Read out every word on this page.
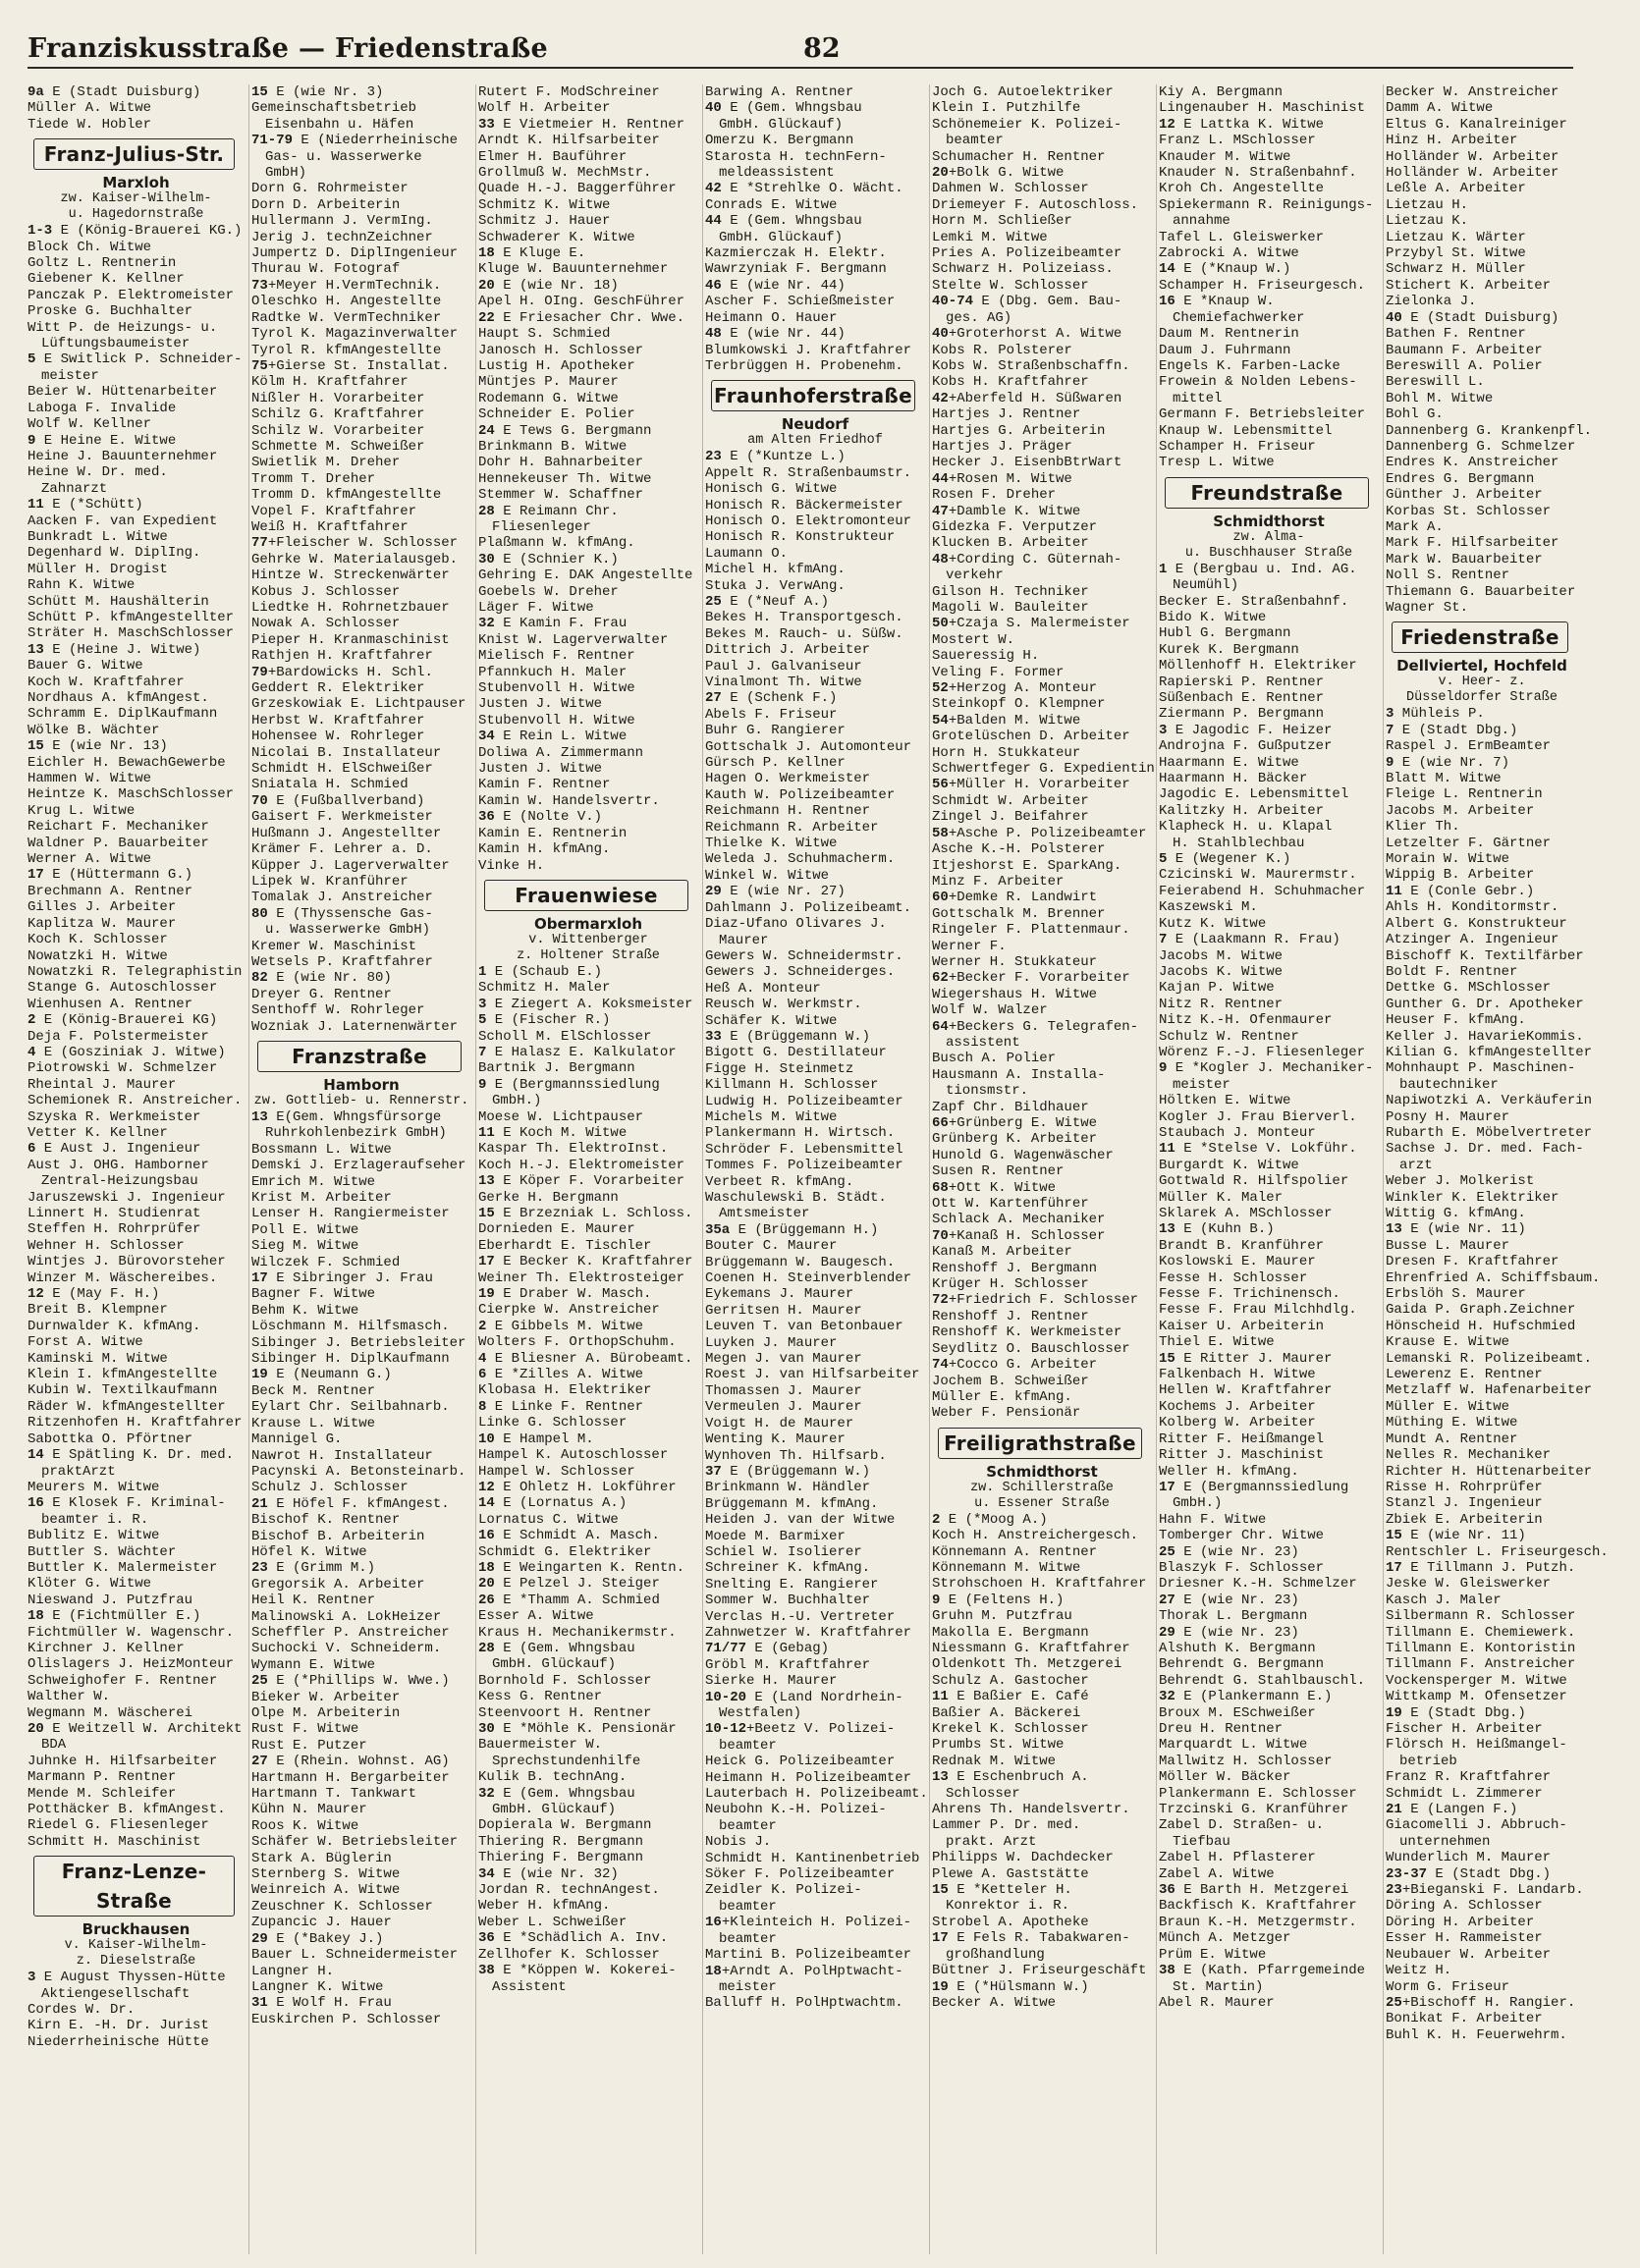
Franziskusstraße — Friedenstraße	82
9a E (Stadt Duisburg)
Müller A. Witwe
Tiede W. Hobler
Franz-Julius-Str.
Marxloh
zw. Kaiser-Wilhelm-
u. Hagedornstraße
1-3 E (König-Brauerei KG.)
Block Ch. Witwe
Goltz L. Rentnerin
Giebener K. Kellner
Panczak P. Elektromeister
Proske G. Buchhalter
Witt P. de Heizungs- u.
Lüftungsbaumeister
5 E Switlick P. Schneider-
meister
Beier W. Hüttenarbeiter
Laboga F. Invalide
Wolf W. Kellner
9 E Heine E. Witwe
Heine J. Bauunternehmer
Heine W. Dr. med.
Zahnarzt
11 E (*Schütt)
Aacken F. van Expedient
Bunkradt L. Witwe
Degenhard W. DiplIng.
Müller H. Drogist
Rahn K. Witwe
Schütt M. Haushälterin
Schütt P. kfmAngestellter
Sträter H. MaschSchlosser
13 E (Heine J. Witwe)
Bauer G. Witwe
Koch W. Kraftfahrer
Nordhaus A. kfmAngest.
Schramm E. DiplKaufmann
Wölke B. Wächter
15 E (wie Nr. 13)
Eichler H. BewachGewerbe
Hammen W. Witwe
Heintze K. MaschSchlosser
Krug L. Witwe
Reichart F. Mechaniker
Waldner P. Bauarbeiter
Werner A. Witwe
17 E (Hüttermann G.)
Brechmann A. Rentner
Gilles J. Arbeiter
Kaplitza W. Maurer
Koch K. Schlosser
Nowatzki H. Witwe
Nowatzki R. Telegraphistin
Stange G. Autoschlosser
Wienhusen A. Rentner
2 E (König-Brauerei KG)
Deja F. Polstermeister
4 E (Gosziniak J. Witwe)
Piotrowski W. Schmelzer
Rheintal J. Maurer
Schemionek R. Anstreicher.
Szyska R. Werkmeister
Vetter K. Kellner
6 E Aust J. Ingenieur
Aust J. OHG. Hamborner
Zentral-Heizungsbau
Jaruszewski J. Ingenieur
Linnert H. Studienrat
Steffen H. Rohrprüfer
Wehner H. Schlosser
Wintjes J. Bürovorsteher
Winzer M. Wäschereibes.
12 E (May F. H.)
Breit B. Klempner
Durnwalder K. kfmAng.
Forst A. Witwe
Kaminski M. Witwe
Klein I. kfmAngestellte
Kubin W. Textilkaufmann
Räder W. kfmAngestellter
Ritzenhofen H. Kraftfahrer
Sabottka O. Pförtner
14 E Spätling K. Dr. med.
praktArzt
Meurers M. Witwe
16 E Klosek F. Kriminal-
beamter i. R.
Bublitz E. Witwe
Buttler S. Wächter
Buttler K. Malermeister
Klöter G. Witwe
Nieswand J. Putzfrau
18 E (Fichtmüller E.)
Fichtmüller W. Wagenschr.
Kirchner J. Kellner
Olislagers J. HeizMonteur
Schweighofer F. Rentner
Walther W.
Wegmann M. Wäscherei
20 E Weitzell W. Architekt
BDA
Juhnke H. Hilfsarbeiter
Marmann P. Rentner
Mende M. Schleifer
Potthäcker B. kfmAngest.
Riedel G. Fliesenleger
Schmitt H. Maschinist
Franz-Lenze-Straße
Bruckhausen
v. Kaiser-Wilhelm-
z. Dieselstraße
3 E August Thyssen-Hütte
Aktiengesellschaft
Cordes W. Dr.
Kirn E. -H. Dr. Jurist
Niederrheinische Hütte
15 E (wie Nr. 3)
Gemeinschaftsbetrieb
Eisenbahn u. Häfen
71-79 E (Niederrheinische
Gas- u. Wasserwerke
GmbH)
Dorn G. Rohrmeister
Dorn D. Arbeiterin
Hullermann J. VermIng.
Jerig J. technZeichner
Jumpertz D. DiplIngenieur
Thurau W. Fotograf
73+Meyer H.VermTechnik.
Oleschko H. Angestellte
Radtke W. VermTechniker
Tyrol K. Magazinverwalter
Tyrol R. kfmAngestellte
75+Gierse St. Installat.
Kölm H. Kraftfahrer
Nißler H. Vorarbeiter
Schilz G. Kraftfahrer
Schilz W. Vorarbeiter
Schmette M. Schweißer
Swietlik M. Dreher
Tromm T. Dreher
Tromm D. kfmAngestellte
Vopel F. Kraftfahrer
Weiß H. Kraftfahrer
77+Fleischer W. Schlosser
Gehrke W. Materialausgeb.
Hintze W. Streckenwärter
Kobus J. Schlosser
Liedtke H. Rohrnetzbauer
Nowak A. Schlosser
Pieper H. Kranmaschinist
Rathjen H. Kraftfahrer
79+Bardowicks H. Schl.
Geddert R. Elektriker
Grzeskowiak E. Lichtpauser
Herbst W. Kraftfahrer
Hohensee W. Rohrleger
Nicolai B. Installateur
Schmidt H. ElSchweißer
Sniatala H. Schmied
70 E (Fußballverband)
Gaisert F. Werkmeister
Hußmann J. Angestellter
Krämer F. Lehrer a. D.
Küpper J. Lagerverwalter
Lipek W. Kranführer
Tomalak J. Anstreicher
80 E (Thyssensche Gas-
u. Wasserwerke GmbH)
Kremer W. Maschinist
Wetsels P. Kraftfahrer
82 E (wie Nr. 80)
Dreyer G. Rentner
Senthoff W. Rohrleger
Wozniak J. Laternenwärter
Franzstraße
Hamborn
zw. Gottlieb- u. Rennerstr.
13 E(Gem. Whngsfürsorge
Ruhrkohlenbezirk GmbH)
Bossmann L. Witwe
Demski J. Erzlageraufseher
Emrich M. Witwe
Krist M. Arbeiter
Lenser H. Rangiermeister
Poll E. Witwe
Sieg M. Witwe
Wilczek F. Schmied
17 E Sibringer J. Frau
Bagner F. Witwe
Behm K. Witwe
Löschmann M. Hilfsmasch.
Sibinger J. Betriebsleiter
Sibinger H. DiplKaufmann
19 E (Neumann G.)
Beck M. Rentner
Eylart Chr. Seilbahnarb.
Krause L. Witwe
Mannigel G.
Nawrot H. Installateur
Pacynski A. Betonsteinarb.
Schulz J. Schlosser
21 E Höfel F. kfmAngest.
Bischof K. Rentner
Bischof B. Arbeiterin
Höfel K. Witwe
23 E (Grimm M.)
Gregorsik A. Arbeiter
Heil K. Rentner
Malinowski A. LokHeizer
Scheffler P. Anstreicher
Suchocki V. Schneiderm.
Wymann E. Witwe
25 E (*Phillips W. Wwe.)
Bieker W. Arbeiter
Olpe M. Arbeiterin
Rust F. Witwe
Rust E. Putzer
27 E (Rhein. Wohnst. AG)
Hartmann H. Bergarbeiter
Hartmann T. Tankwart
Kühn N. Maurer
Roos K. Witwe
Schäfer W. Betriebsleiter
Stark A. Büglerin
Sternberg S. Witwe
Weinreich A. Witwe
Zeuschner K. Schlosser
Zupancic J. Hauer
29 E (*Bakey J.)
Bauer L. Schneidermeister
Langner H.
Langner K. Witwe
31 E Wolf H. Frau
Euskirchen P. Schlosser
Rutert F. ModSchreiner
Wolf H. Arbeiter
33 E Vietmeier H. Rentner
Arndt K. Hilfsarbeiter
Elmer H. Bauführer
Grollmuß W. MechMstr.
Quade H.-J. Baggerführer
Schmitz K. Witwe
Schmitz J. Hauer
Schwaderer K. Witwe
18 E Kluge E.
Kluge W. Bauunternehmer
20 E (wie Nr. 18)
Apel H. OIng. GeschFührer
22 E Friesacher Chr. Wwe.
Haupt S. Schmied
Janosch H. Schlosser
Lustig H. Apotheker
Müntjes P. Maurer
Rodemann G. Witwe
Schneider E. Polier
24 E Tews G. Bergmann
Brinkmann B. Witwe
Dohr H. Bahnarbeiter
Hennekeuser Th. Witwe
Stemmer W. Schaffner
28 E Reimann Chr.
Fliesenleger
Plaßmann W. kfmAng.
30 E (Schnier K.)
Gehring E. DAK Angestellte
Goebels W. Dreher
Läger F. Witwe
32 E Kamin F. Frau
Knist W. Lagerverwalter
Mielisch F. Rentner
Pfannkuch H. Maler
Stubenvoll H. Witwe
Justen J. Witwe
Stubenvoll H. Witwe
34 E Rein L. Witwe
Doliwa A. Zimmermann
Justen J. Witwe
Kamin F. Rentner
Kamin W. Handelsvertr.
36 E (Nolte V.)
Kamin E. Rentnerin
Kamin H. kfmAng.
Vinke H.
Frauenwiese
Obermarxloh
v. Wittenberger
z. Holtener Straße
1 E (Schaub E.)
Schmitz H. Maler
3 E Ziegert A. Koksmeister
5 E (Fischer R.)
Scholl M. ElSchlosser
7 E Halasz E. Kalkulator
Bartnik J. Bergmann
9 E (Bergmannssiedlung
GmbH.)
Moese W. Lichtpauser
11 E Koch M. Witwe
Kaspar Th. ElektroInst.
Koch H.-J. Elektromeister
13 E Köper F. Vorarbeiter
Gerke H. Bergmann
15 E Brzezniak L. Schloss.
Dornieden E. Maurer
Eberhardt E. Tischler
17 E Becker K. Kraftfahrer
Weiner Th. Elektrosteiger
19 E Draber W. Masch.
Cierpke W. Anstreicher
2 E Gibbels M. Witwe
Wolters F. OrthopSchuhm.
4 E Bliesner A. Bürobeamt.
6 E *Zilles A. Witwe
Klobasa H. Elektriker
8 E Linke F. Rentner
Linke G. Schlosser
10 E Hampel M.
Hampel K. Autoschlosser
Hampel W. Schlosser
12 E Ohletz H. Lokführer
14 E (Lornatus A.)
Lornatus C. Witwe
16 E Schmidt A. Masch.
Schmidt G. Elektriker
18 E Weingarten K. Rentn.
20 E Pelzel J. Steiger
26 E *Thamm A. Schmied
Esser A. Witwe
Kraus H. Mechanikermstr.
28 E (Gem. Whngsbau
GmbH. Glückauf)
Bornhold F. Schlosser
Kess G. Rentner
Steenvoort H. Rentner
30 E *Möhle K. Pensionär
Bauermeister W.
Sprechstundenhilfe
Kulik B. technAng.
32 E (Gem. Whngsbau
GmbH. Glückauf)
Dopierala W. Bergmann
Thiering R. Bergmann
Thiering F. Bergmann
34 E (wie Nr. 32)
Jordan R. technAngest.
Weber H. kfmAng.
Weber L. Schweißer
36 E *Schädlich A. Inv.
Zellhofer K. Schlosser
38 E *Köppen W. Kokerei-
Assistent
Barwing A. Rentner
40 E (Gem. Whngsbau
GmbH. Glückauf)
Omerzu K. Bergmann
Starosta H. technFern-
meldeassistent
42 E *Strehlke O. Wächt.
Conrads E. Witwe
44 E (Gem. Whngsbau
GmbH. Glückauf)
Kazmierczak H. Elektr.
Wawrzyniak F. Bergmann
46 E (wie Nr. 44)
Ascher F. Schießmeister
Heimann O. Hauer
48 E (wie Nr. 44)
Blumkowski J. Kraftfahrer
Terbrüggen H. Probenehm.
Fraunhoferstraße
Neudorf
am Alten Friedhof
23 E (*Kuntze L.)
Appelt R. Straßenbaumstr.
Honisch G. Witwe
Honisch R. Bäckermeister
Honisch O. Elektromonteur
Honisch R. Konstrukteur
Laumann O.
Michel H. kfmAng.
Stuka J. VerwAng.
25 E (*Neuf A.)
Bekes H. Transportgesch.
Bekes M. Rauch- u. Süßw.
Dittrich J. Arbeiter
Paul J. Galvaniseur
Vinalmont Th. Witwe
27 E (Schenk F.)
Abels F. Friseur
Buhr G. Rangierer
Gottschalk J. Automonteur
Gürsch P. Kellner
Hagen O. Werkmeister
Kauth W. Polizeibeamter
Reichmann H. Rentner
Reichmann R. Arbeiter
Thielke K. Witwe
Weleda J. Schuhmacherm.
Winkel W. Witwe
29 E (wie Nr. 27)
Dahlmann J. Polizeibeamt.
Diaz-Ufano Olivares J.
Maurer
Gewers W. Schneidermstr.
Gewers J. Schneiderges.
Heß A. Monteur
Reusch W. Werkmstr.
Schäfer K. Witwe
33 E (Brüggemann W.)
Bigott G. Destillateur
Figge H. Steinmetz
Killmann H. Schlosser
Ludwig H. Polizeibeamter
Michels M. Witwe
Plankermann H. Wirtsch.
Schröder F. Lebensmittel
Tommes F. Polizeibeamter
Verbeet R. kfmAng.
Waschulewski B. Städt.
Amtsmeister
35a E (Brüggemann H.)
Bouter C. Maurer
Brüggemann W. Baugesch.
Coenen H. Steinverblender
Eykemans J. Maurer
Gerritsen H. Maurer
Leuven T. van Betonbauer
Luyken J. Maurer
Megen J. van Maurer
Roest J. van Hilfsarbeiter
Thomassen J. Maurer
Vermeulen J. Maurer
Voigt H. de Maurer
Wenting K. Maurer
Wynhoven Th. Hilfsarb.
37 E (Brüggemann W.)
Brinkmann W. Händler
Brüggemann M. kfmAng.
Heiden J. van der Witwe
Moede M. Barmixer
Schiel W. Isolierer
Schreiner K. kfmAng.
Snelting E. Rangierer
Sommer W. Buchhalter
Verclas H.-U. Vertreter
Zahnwetzer W. Kraftfahrer
71/77 E (Gebag)
Gröbl M. Kraftfahrer
Sierke H. Maurer
10-20 E (Land Nordrhein-
Westfalen)
10-12+Beetz V. Polizei-
beamter
Heick G. Polizeibeamter
Heimann H. Polizeibeamter
Lauterbach H. Polizeibeamt.
Neubohn K.-H. Polizei-
beamter
Nobis J.
Schmidt H. Kantinenbetrieb
Söker F. Polizeibeamter
Zeidler K. Polizei-
beamter
16+Kleinteich H. Polizei-
beamter
Martini B. Polizeibeamter
18+Arndt A. PolHptwacht-
meister
Balluff H. PolHptwachtm.
Joch G. Autoelektriker
Klein I. Putzhilfe
Schönemeier K. Polizei-
beamter
Schumacher H. Rentner
20+Bolk G. Witwe
Dahmen W. Schlosser
Driemeyer F. Autoschloss.
Horn M. Schließer
Lemki M. Witwe
Pries A. Polizeibeamter
Schwarz H. Polizeiass.
Stelte W. Schlosser
40-74 E (Dbg. Gem. Bau-
ges. AG)
40+Groterhorst A. Witwe
Kobs R. Polsterer
Kobs W. Straßenbschaffn.
Kobs H. Kraftfahrer
42+Aberfeld H. Süßwaren
Hartjes J. Rentner
Hartjes G. Arbeiterin
Hartjes J. Präger
Hecker J. EisenbBtrWart
44+Rosen M. Witwe
Rosen F. Dreher
47+Damble K. Witwe
Gidezka F. Verputzer
Klucken B. Arbeiter
48+Cording C. Güternah-
verkehr
Gilson H. Techniker
Magoli W. Bauleiter
50+Czaja S. Malermeister
Mostert W.
Saueressig H.
Veling F. Former
52+Herzog A. Monteur
Steinkopf O. Klempner
54+Balden M. Witwe
Grotelüschen D. Arbeiter
Horn H. Stukkateur
Schwertfeger G. Expedientin
56+Müller H. Vorarbeiter
Schmidt W. Arbeiter
Zingel J. Beifahrer
58+Asche P. Polizeibeamter
Asche K.-H. Polsterer
Itjeshorst E. SparkAng.
Minz F. Arbeiter
60+Demke R. Landwirt
Gottschalk M. Brenner
Ringeler F. Plattenmaur.
Werner F.
Werner H. Stukkateur
62+Becker F. Vorarbeiter
Wiegershaus H. Witwe
Wolf W. Walzer
64+Beckers G. Telegrafen-
assistent
Busch A. Polier
Hausmann A. Installa-
tionsmstr.
Zapf Chr. Bildhauer
66+Grünberg E. Witwe
Grünberg K. Arbeiter
Hunold G. Wagenwäscher
Susen R. Rentner
68+Ott K. Witwe
Ott W. Kartenführer
Schlack A. Mechaniker
70+Kanaß H. Schlosser
Kanaß M. Arbeiter
Renshoff J. Bergmann
Krüger H. Schlosser
72+Friedrich F. Schlosser
Renshoff J. Rentner
Renshoff K. Werkmeister
Seydlitz O. Bauschlosser
74+Cocco G. Arbeiter
Jochem B. Schweißer
Müller E. kfmAng.
Weber F. Pensionär
Freiligrathstraße
Schmidthorst
zw. Schillerstraße
u. Essener Straße
2 E (*Moog A.)
Koch H. Anstreichergesch.
Könnemann A. Rentner
Könnemann M. Witwe
Strohschoen H. Kraftfahrer
9 E (Feltens H.)
Gruhn M. Putzfrau
Makolla E. Bergmann
Niessmann G. Kraftfahrer
Oldenkott Th. Metzgerei
Schulz A. Gastocher
11 E Baßier E. Café
Baßier A. Bäckerei
Krekel K. Schlosser
Prumbs St. Witwe
Rednak M. Witwe
13 E Eschenbruch A.
Schlosser
Ahrens Th. Handelsvertr.
Lammer P. Dr. med.
prakt. Arzt
Philipps W. Dachdecker
Plewe A. Gaststätte
15 E *Ketteler H.
Konrektor i. R.
Strobel A. Apotheke
17 E Fels R. Tabakwaren-
großhandlung
Büttner J. Friseurgeschäft
19 E (*Hülsmann W.)
Becker A. Witwe
Kiy A. Bergmann
Lingenauber H. Maschinist
12 E Lattka K. Witwe
Franz L. MSchlosser
Knauder M. Witwe
Knauder N. Straßenbahnf.
Kroh Ch. Angestellte
Spiekermann R. Reinigungs-
annahme
Tafel L. Gleiswerker
Zabrocki A. Witwe
14 E (*Knaup W.)
Schamper H. Friseurgesch.
16 E *Knaup W.
Chemiefachwerker
Daum M. Rentnerin
Daum J. Fuhrmann
Engels K. Farben-Lacke
Frowein & Nolden Lebens-
mittel
Germann F. Betriebsleiter
Knaup W. Lebensmittel
Schamper H. Friseur
Tresp L. Witwe
Freundstraße
Schmidthorst
zw. Alma-
u. Buschhauser Straße
1 E (Bergbau u. Ind. AG.
Neumühl)
Becker E. Straßenbahnf.
Bido K. Witwe
Hubl G. Bergmann
Kurek K. Bergmann
Möllenhoff H. Elektriker
Rapierski P. Rentner
Süßenbach E. Rentner
Ziermann P. Bergmann
3 E Jagodic F. Heizer
Androjna F. Gußputzer
Haarmann E. Witwe
Haarmann H. Bäcker
Jagodic E. Lebensmittel
Kalitzky H. Arbeiter
Klapheck H. u. Klapal
H. Stahlblechbau
5 E (Wegener K.)
Czicinski W. Maurermstr.
Feierabend H. Schuhmacher
Kaszewski M.
Kutz K. Witwe
7 E (Laakmann R. Frau)
Jacobs M. Witwe
Jacobs K. Witwe
Kajan P. Witwe
Nitz R. Rentner
Nitz K.-H. Ofenmaurer
Schulz W. Rentner
Wörenz F.-J. Fliesenleger
9 E *Kogler J. Mechaniker-
meister
Höltken E. Witwe
Kogler J. Frau Bierverl.
Staubach J. Monteur
11 E *Stelse V. Lokführ.
Burgardt K. Witwe
Gottwald R. Hilfspolier
Müller K. Maler
Sklarek A. MSchlosser
13 E (Kuhn B.)
Brandt B. Kranführer
Koslowski E. Maurer
Fesse H. Schlosser
Fesse F. Trichinensch.
Fesse F. Frau Milchhdlg.
Kaiser U. Arbeiterin
Thiel E. Witwe
15 E Ritter J. Maurer
Falkenbach H. Witwe
Hellen W. Kraftfahrer
Kochems J. Arbeiter
Kolberg W. Arbeiter
Ritter F. Heißmangel
Ritter J. Maschinist
Weller H. kfmAng.
17 E (Bergmannssiedlung
GmbH.)
Hahn F. Witwe
Tomberger Chr. Witwe
25 E (wie Nr. 23)
Blaszyk F. Schlosser
Driesner K.-H. Schmelzer
27 E (wie Nr. 23)
Thorak L. Bergmann
29 E (wie Nr. 23)
Alshuth K. Bergmann
Behrendt G. Bergmann
Behrendt G. Stahlbauschl.
32 E (Plankermann E.)
Broux M. ESchweißer
Dreu H. Rentner
Marquardt L. Witwe
Mallwitz H. Schlosser
Möller W. Bäcker
Plankermann E. Schlosser
Trzcinski G. Kranführer
Zabel D. Straßen- u.
Tiefbau
Zabel H. Pflasterer
Zabel A. Witwe
36 E Barth H. Metzgerei
Backfisch K. Kraftfahrer
Braun K.-H. Metzgermstr.
Münch A. Metzger
Prüm E. Witwe
38 E (Kath. Pfarrgemeinde
St. Martin)
Abel R. Maurer
Becker W. Anstreicher
Damm A. Witwe
Eltus G. Kanalreiniger
Hinz H. Arbeiter
Holländer W. Arbeiter
Holländer W. Arbeiter
Leßle A. Arbeiter
Lietzau H.
Lietzau K.
Lietzau K. Wärter
Przybyl St. Witwe
Schwarz H. Müller
Stichert K. Arbeiter
Zielonka J.
40 E (Stadt Duisburg)
Bathen F. Rentner
Baumann F. Arbeiter
Bereswill A. Polier
Bereswill L.
Bohl M. Witwe
Bohl G.
Dannenberg G. Krankenpfl.
Dannenberg G. Schmelzer
Endres K. Anstreicher
Endres G. Bergmann
Günther J. Arbeiter
Korbas St. Schlosser
Mark A.
Mark F. Hilfsarbeiter
Mark W. Bauarbeiter
Noll S. Rentner
Thiemann G. Bauarbeiter
Wagner St.
Friedenstraße
Dellviertel, Hochfeld
v. Heer- z.
Düsseldorfer Straße
3 Mühleis P.
7 E (Stadt Dbg.)
Raspel J. ErmBeamter
9 E (wie Nr. 7)
Blatt M. Witwe
Fleige L. Rentnerin
Jacobs M. Arbeiter
Klier Th.
Letzelter F. Gärtner
Morain W. Witwe
Wippig B. Arbeiter
11 E (Conle Gebr.)
Ahls H. Konditormstr.
Albert G. Konstrukteur
Atzinger A. Ingenieur
Bischoff K. Textilfärber
Boldt F. Rentner
Dettke G. MSchlosser
Gunther G. Dr. Apotheker
Heuser F. kfmAng.
Keller J. HavarieKommis.
Kilian G. kfmAngestellter
Mohnhaupt P. Maschinen-
bautechniker
Napiwotzki A. Verkäuferin
Posny H. Maurer
Rubarth E. Möbelvertreter
Sachse J. Dr. med. Fach-
arzt
Weber J. Molkerist
Winkler K. Elektriker
Wittig G. kfmAng.
13 E (wie Nr. 11)
Busse L. Maurer
Dresen F. Kraftfahrer
Ehrenfried A. Schiffsbaum.
Erbslöh S. Maurer
Gaida P. Graph.Zeichner
Hönscheid H. Hufschmied
Krause E. Witwe
Lemanski R. Polizeibeamt.
Lewerenz E. Rentner
Metzlaff W. Hafenarbeiter
Müller E. Witwe
Müthing E. Witwe
Mundt A. Rentner
Nelles R. Mechaniker
Richter H. Hüttenarbeiter
Risse H. Rohrprüfer
Stanzl J. Ingenieur
Zbiek E. Arbeiterin
15 E (wie Nr. 11)
Rentschler L. Friseurgesch.
17 E Tillmann J. Putzh.
Jeske W. Gleiswerker
Kasch J. Maler
Silbermann R. Schlosser
Tillmann E. Chemiewerk.
Tillmann E. Kontoristin
Tillmann F. Anstreicher
Vockensperger M. Witwe
Wittkamp M. Ofensetzer
19 E (Stadt Dbg.)
Fischer H. Arbeiter
Flörsch H. Heißmangel-
betrieb
Franz R. Kraftfahrer
Schmidt L. Zimmerer
21 E (Langen F.)
Giacomelli J. Abbruch-
unternehmen
Wunderlich M. Maurer
23-37 E (Stadt Dbg.)
23+Bieganski F. Landarb.
Döring A. Schlosser
Döring H. Arbeiter
Esser H. Rammeister
Neubauer W. Arbeiter
Weitz H.
Worm G. Friseur
25+Bischoff H. Rangier.
Bonikat F. Arbeiter
Buhl K. H. Feuerwehrm.
